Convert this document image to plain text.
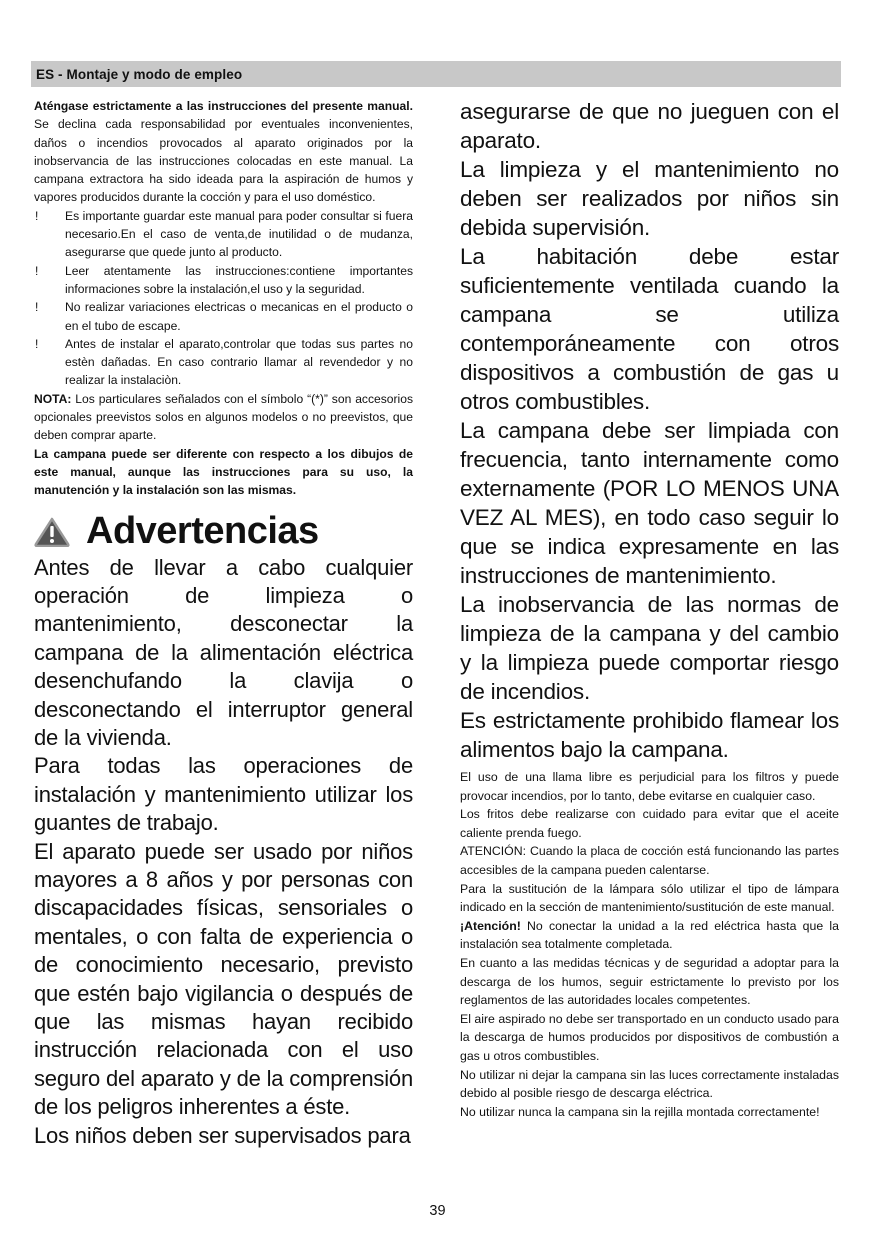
ES - Montaje y modo de empleo

Aténgase estrictamente a las instrucciones del presente manual. Se declina cada responsabilidad por eventuales inconvenientes, daños o incendios provocados al aparato originados por la inobservancia de las instrucciones colocadas en este manual. La campana extractora ha sido ideada para la aspiración de humos y vapores producidos durante la cocción y para el uso doméstico.

!	Es importante guardar este manual para poder consultar si fuera necesario.En el caso de venta,de inutilidad o de mudanza, asegurarse que quede junto al producto.
!	Leer atentamente las instrucciones:contiene importantes informaciones sobre la instalación,el uso y la seguridad.
!	No realizar variaciones electricas o mecanicas en el producto o en el tubo de escape.
!	Antes de instalar el aparato,controlar que todas sus partes no estèn dañadas. En caso contrario llamar al revendedor y no realizar la instalaciòn.

NOTA: Los particulares señalados con el símbolo “(*)” son accesorios opcionales preevistos solos en algunos modelos o no preevistos, que deben comprar aparte.

La campana puede ser diferente con respecto a los dibujos de este manual, aunque las instrucciones para su uso, la manutención y la instalación son las mismas.

Advertencias

Antes de llevar a cabo cualquier operación de limpieza o mantenimiento, desconectar la campana de la alimentación eléctrica desenchufando la clavija o desconectando el interruptor general de la vivienda.

Para todas las operaciones de instalación y mantenimiento utilizar los guantes de trabajo.

El aparato puede ser usado por niños mayores a 8 años y por personas con discapacidades físicas, sensoriales o mentales, o con falta de experiencia o de conocimiento necesario, previsto que estén bajo vigilancia o después de que las mismas hayan recibido instrucción relacionada con el uso seguro del aparato y de la comprensión de los peligros inherentes a éste.

Los niños deben ser supervisados para

asegurarse de que no jueguen con el aparato.

La limpieza y el mantenimiento no deben ser realizados por niños sin debida supervisión.

La habitación debe estar suficientemente ventilada cuando la campana se utiliza contemporáneamente con otros dispositivos a combustión de gas u otros combustibles.

La campana debe ser limpiada con frecuencia, tanto internamente como externamente (POR LO MENOS UNA VEZ AL MES), en todo caso seguir lo que se indica expresamente en las instrucciones de mantenimiento.

La inobservancia de las normas de limpieza de la campana y del cambio y la limpieza puede comportar riesgo de incendios.

Es estrictamente prohibido flamear los alimentos bajo la campana.

El uso de una llama libre es perjudicial para los filtros y puede provocar incendios, por lo tanto, debe evitarse en cualquier caso.

Los fritos debe realizarse con cuidado para evitar que el aceite caliente prenda fuego.

ATENCIÓN: Cuando la placa de cocción está funcionando las partes accesibles de la campana pueden calentarse.

Para la sustitución de la lámpara sólo utilizar el tipo de lámpara indicado en la sección de mantenimiento/sustitución de este manual.

¡Atención! No conectar la unidad a la red eléctrica hasta que la instalación sea totalmente completada.

En cuanto a las medidas técnicas y de seguridad a adoptar para la descarga de los humos, seguir estrictamente lo previsto por los reglamentos de las autoridades locales competentes.

El aire aspirado no debe ser transportado en un conducto usado para la descarga de humos producidos por dispositivos de combustión a gas u otros combustibles.

No utilizar ni dejar la campana sin las luces correctamente instaladas debido al posible riesgo de descarga eléctrica.

No utilizar nunca la campana sin la rejilla montada correctamente!

39
